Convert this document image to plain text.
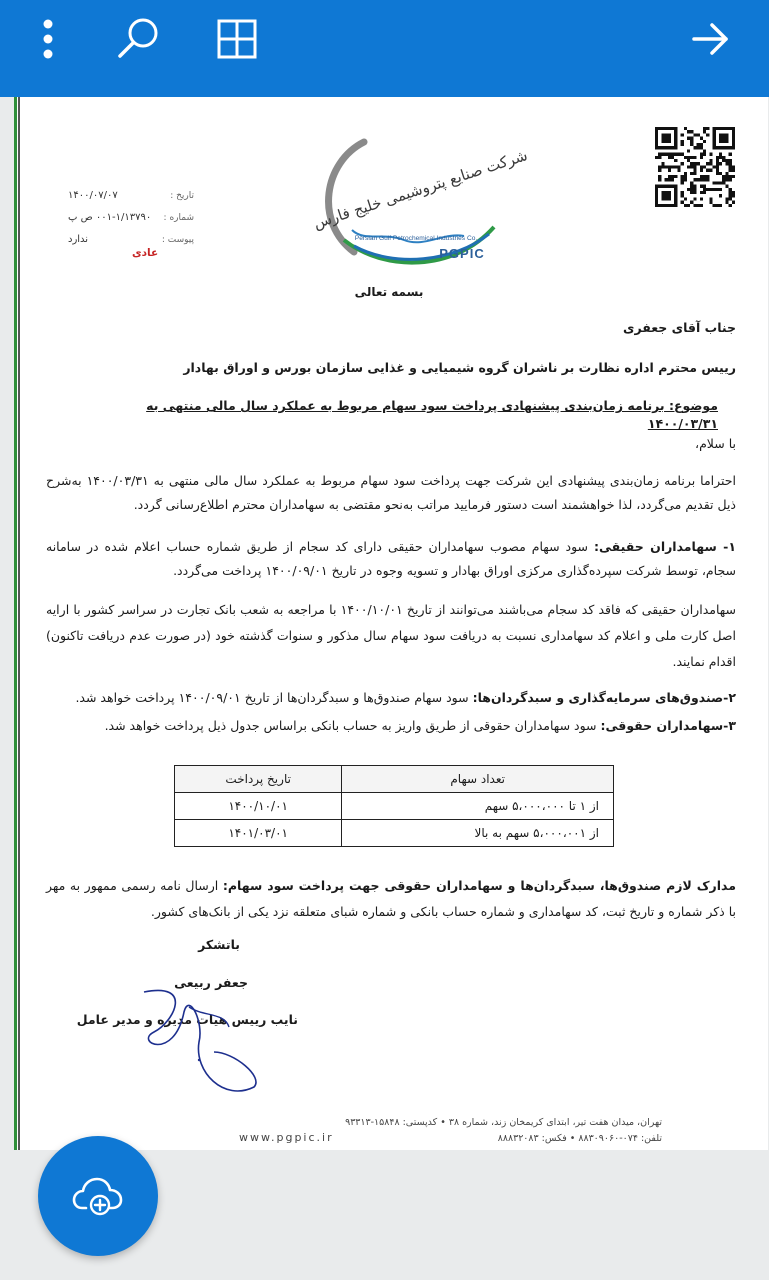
تاریخ :
۱۴۰۰/۰۷/۰۷
شماره :
۰۰۱-۱/۱۳۷۹۰ ص پ
پیوست :
ندارد
عادی
شرکت صنایع پتروشیمی خلیج فارس
Persian Gulf Petrochemical Industries Co.
PGPIC
بسمه تعالی
جناب آقای جعفری
رییس محترم اداره نظارت بر ناشران گروه شیمیایی و غذایی سازمان بورس و اوراق بهادار
موضوع: برنامه زمان‌بندی پیشنهادی پرداخت سود سهام مربوط به عملکرد سال مالی منتهی به ۱۴۰۰/۰۳/۳۱
با سلام،
احتراما برنامه زمان‌بندی پیشنهادی این شرکت جهت پرداخت سود سهام مربوط به عملکرد سال مالی منتهی به ۱۴۰۰/۰۳/۳۱ به‌شرح ذیل تقدیم می‌گردد، لذا خواهشمند است دستور فرمایید مراتب به‌نحو مقتضی به سهامداران محترم اطلاع‌رسانی گردد.
۱- سهامداران حقیقی: سود سهام مصوب سهامداران حقیقی دارای کد سجام از طریق شماره حساب اعلام شده در سامانه سجام، توسط شرکت سپرده‌گذاری مرکزی اوراق بهادار و تسویه وجوه در تاریخ ۱۴۰۰/۰۹/۰۱ پرداخت می‌گردد.
سهامداران حقیقی که فاقد کد سجام می‌باشند می‌توانند از تاریخ ۱۴۰۰/۱۰/۰۱ با مراجعه به شعب بانک تجارت در سراسر کشور با ارایه اصل کارت ملی و اعلام کد سهامداری نسبت به دریافت سود سهام سال مذکور و سنوات گذشته خود (در صورت عدم دریافت تاکنون) اقدام نمایند.
۲-صندوق‌های سرمایه‌گذاری و سبدگردان‌ها: سود سهام صندوق‌ها و سبدگردان‌ها از تاریخ ۱۴۰۰/۰۹/۰۱ پرداخت خواهد شد.
۳-سهامداران حقوقی: سود سهامداران حقوقی از طریق واریز به حساب بانکی براساس جدول ذیل پرداخت خواهد شد.
تعداد سهام	تاریخ پرداخت
از ۱ تا ۵،۰۰۰،۰۰۰ سهم	۱۴۰۰/۱۰/۰۱
از ۵،۰۰۰،۰۰۱ سهم به بالا	۱۴۰۱/۰۳/۰۱
مدارک لازم صندوق‌ها، سبدگردان‌ها و سهامداران حقوقی جهت پرداخت سود سهام: ارسال نامه رسمی ممهور به مهر با ذکر شماره و تاریخ ثبت، کد سهامداری و شماره حساب بانکی و شماره شبای متعلقه نزد یکی از بانک‌های کشور.
باتشکر
جعفر ربیعی
نایب رییس هیات مدیره و مدیر عامل
تهران، میدان هفت تیر، ابتدای کریمخان زند، شماره ۳۸ • کدپستی: ۱۵۸۴۸-۹۳۳۱۳
تلفن: ۰۷۴-۸۸۳۰۹۰۶۰ • فکس: ۸۸۸۳۲۰۸۳
www.pgpic.ir
